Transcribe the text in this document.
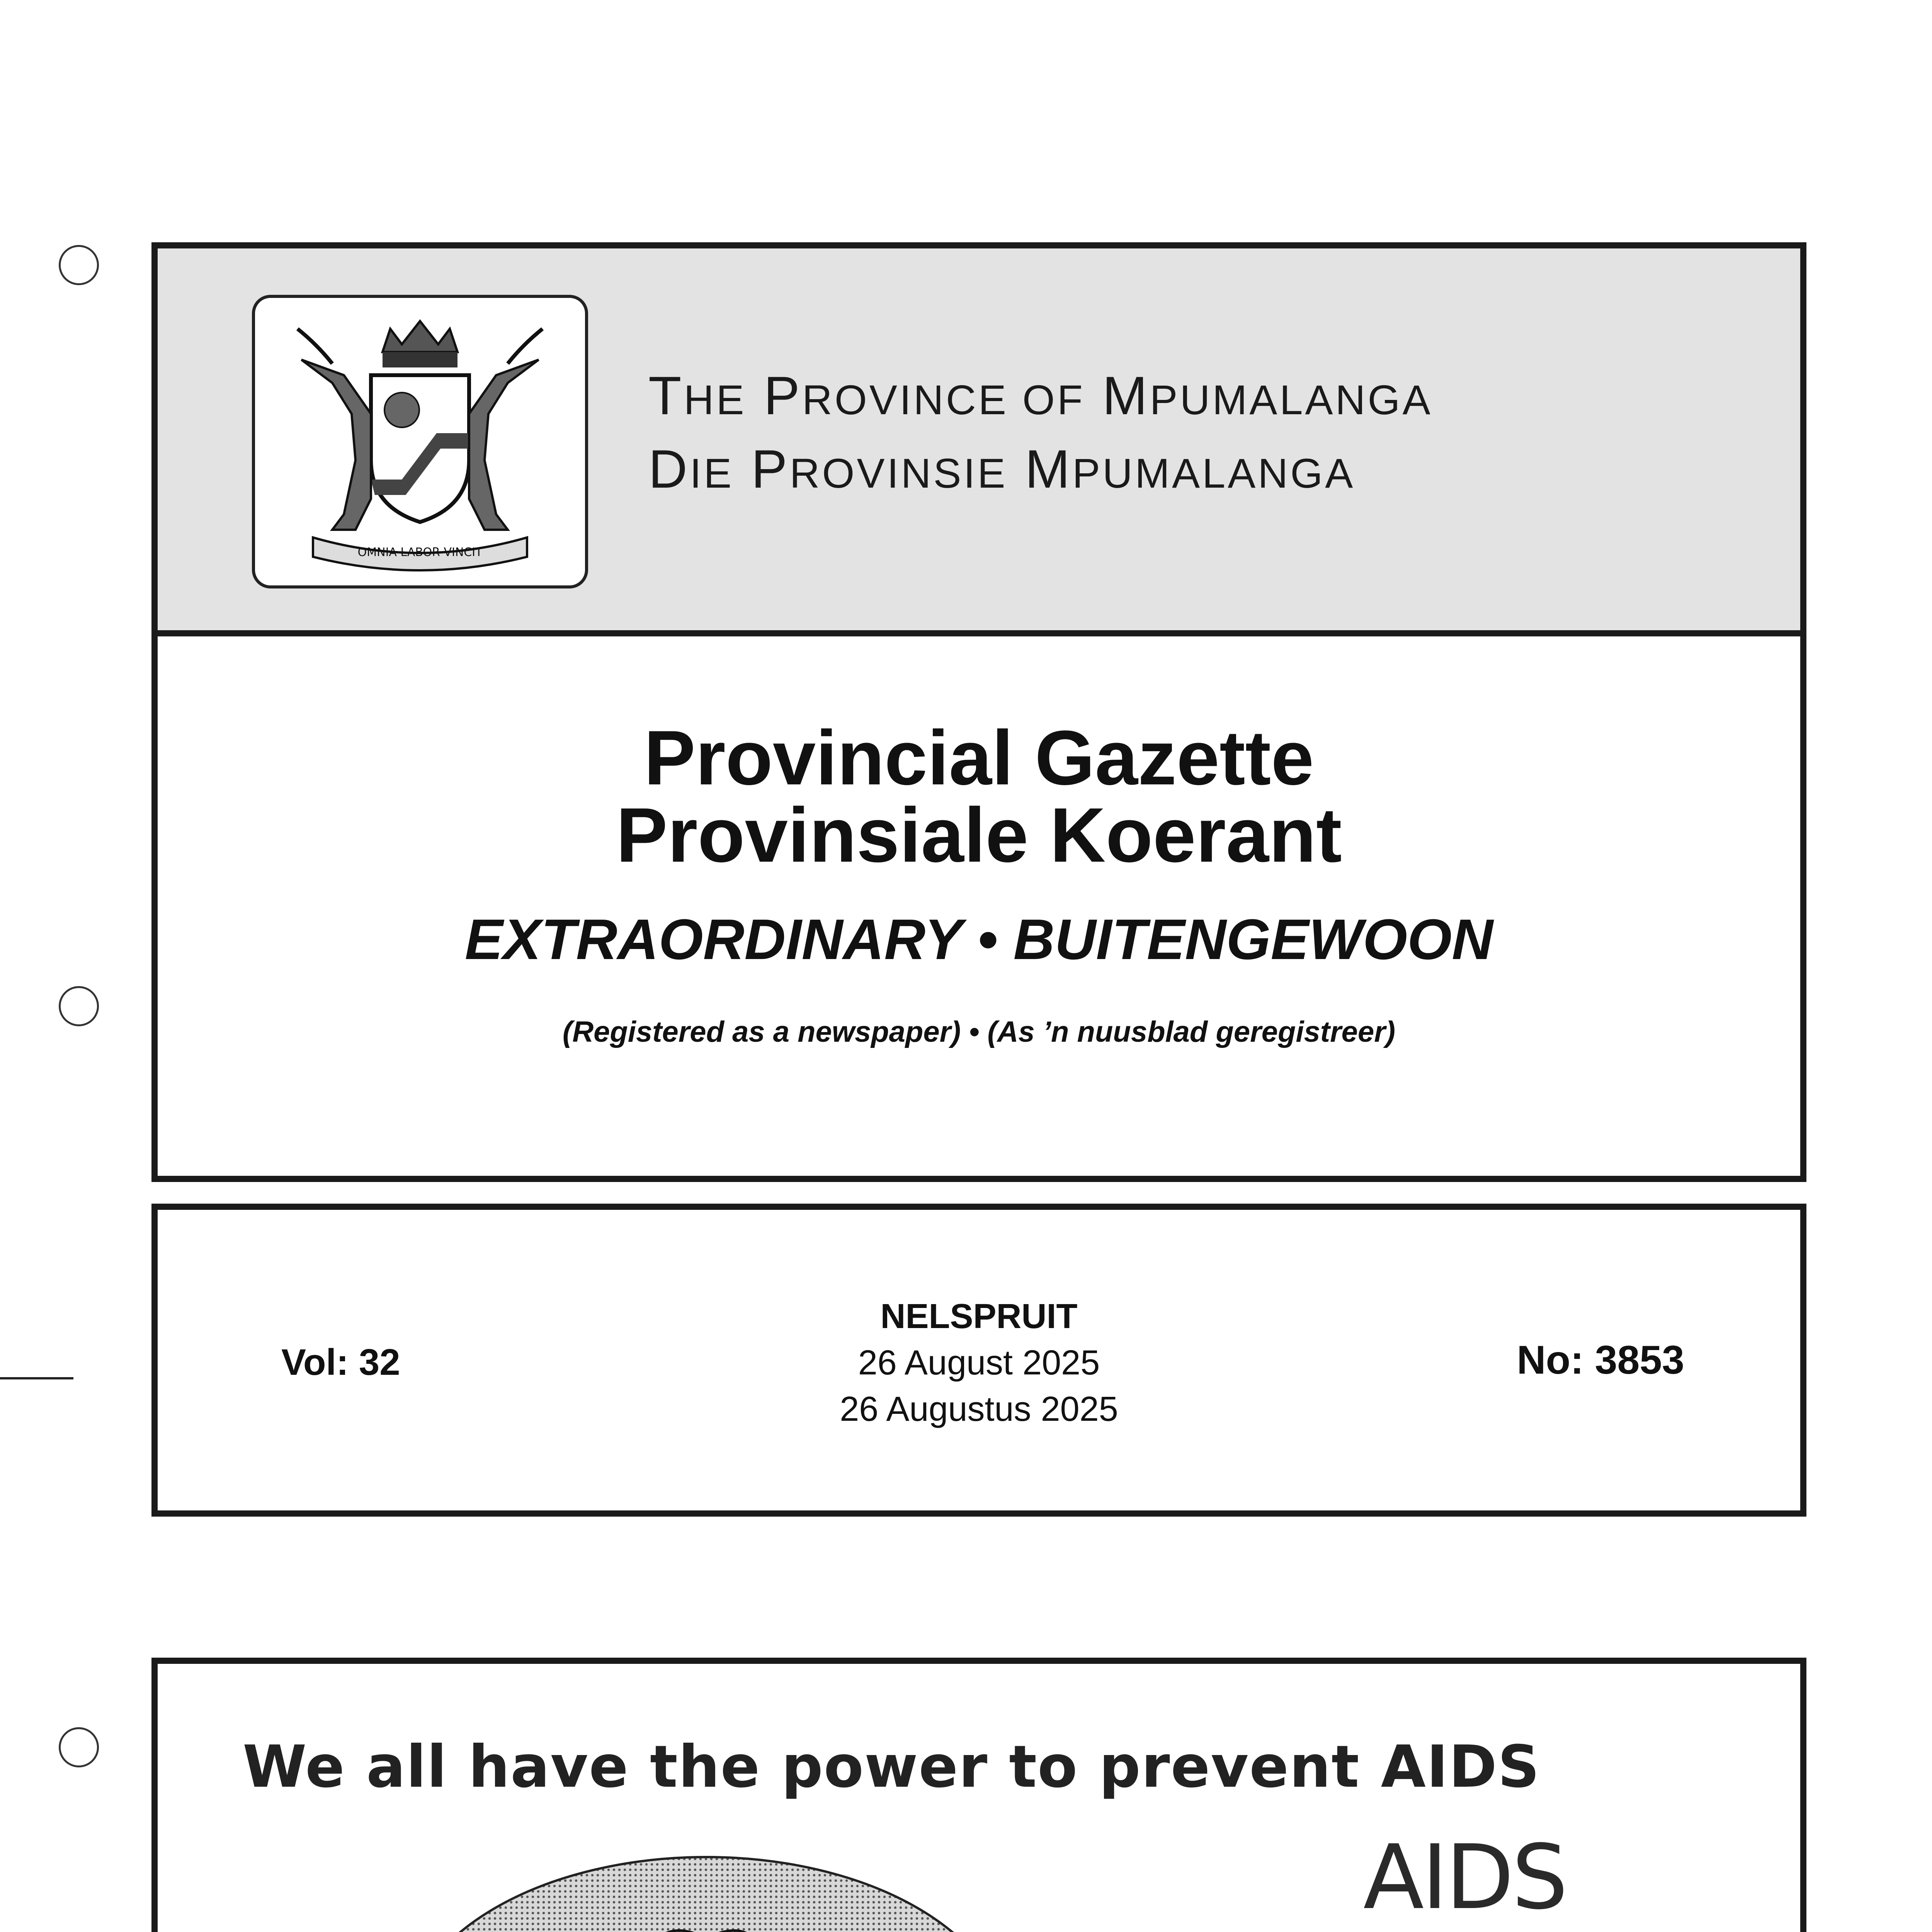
OMNIA LABOR VINCIT
THE PROVINCE OF MPUMALANGA
DIE PROVINSIE MPUMALANGA
Provincial Gazette
Provinsiale Koerant
EXTRAORDINARY • BUITENGEWOON
(Registered as a newspaper) • (As ’n nuusblad geregistreer)
Vol: 32
NELSPRUIT
26 August 2025
26 Augustus 2025
No: 3853
We all have the power to prevent AIDS
AIDS
